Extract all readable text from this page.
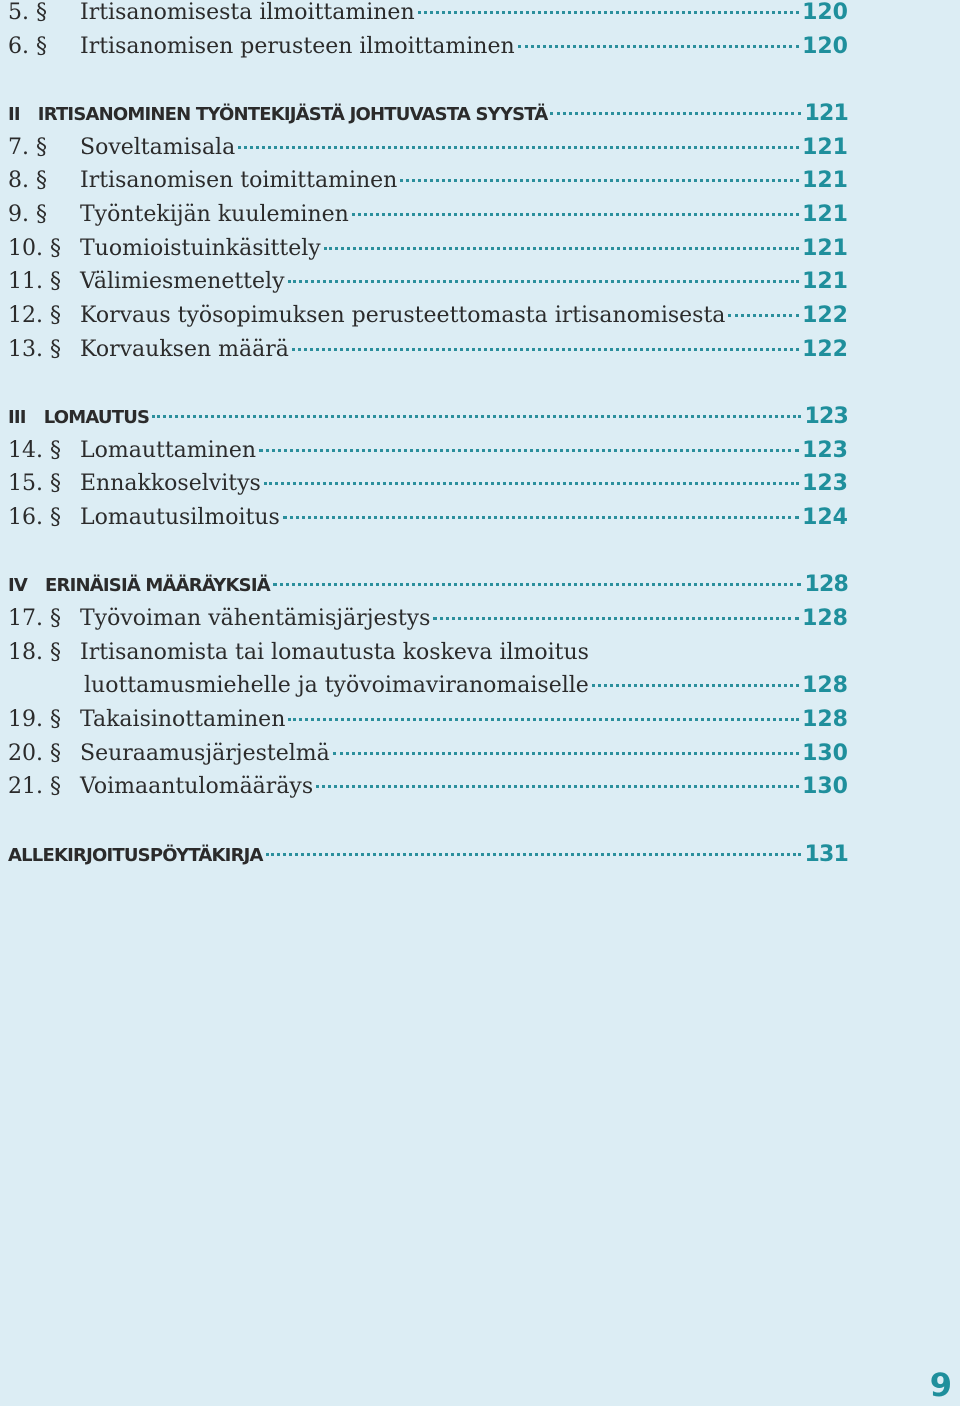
5. §	Irtisanomisesta ilmoittaminen	120
6. §	Irtisanomisen perusteen ilmoittaminen	120
II IRTISANOMINEN TYÖNTEKIJÄSTÄ JOHTUVASTA SYYSTÄ	121
7. §	Soveltamisala	121
8. §	Irtisanomisen toimittaminen	121
9. §	Työntekijän kuuleminen	121
10. § Tuomioistuinkäsittely	121
11. § Välimiesmenettely	121
12. § Korvaus työsopimuksen perusteettomasta irtisanomisesta	122
13. § Korvauksen määrä	122
III LOMAUTUS	123
14. § Lomauttaminen	123
15. § Ennakkoselvitys	123
16. § Lomautusilmoitus	124
IV ERINÄISIÄ MÄÄRÄYKSIÄ	128
17. § Työvoiman vähentämisjärjestys	128
18. § Irtisanomista tai lomautusta koskeva ilmoitus
luottamusmiehelle ja työvoimaviranomaiselle	128
19. § Takaisinottaminen	128
20. § Seuraamusjärjestelmä	130
21. § Voimaantulomääräys	130
ALLEKIRJOITUSPÖYTÄKIRJA	131
9
